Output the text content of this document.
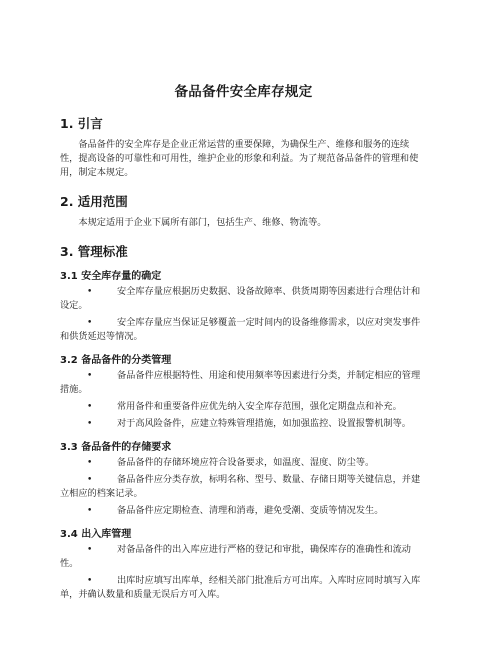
备品备件安全库存规定
1. 引言

备品备件的安全库存是企业正常运营的重要保障，为确保生产、维修和服务的连续性，提高设备的可靠性和可用性，维护企业的形象和利益。为了规范备品备件的管理和使用，制定本规定。

2. 适用范围

本规定适用于企业下属所有部门，包括生产、维修、物流等。

3. 管理标准
3.1 安全库存量的确定
•	安全库存量应根据历史数据、设备故障率、供货周期等因素进行合理估计和设定。
•	安全库存量应当保证足够覆盖一定时间内的设备维修需求，以应对突发事件和供货延迟等情况。
3.2 备品备件的分类管理
•	备品备件应根据特性、用途和使用频率等因素进行分类，并制定相应的管理措施。
•	常用备件和重要备件应优先纳入安全库存范围，强化定期盘点和补充。
•	对于高风险备件，应建立特殊管理措施，如加强监控、设置报警机制等。
3.3 备品备件的存储要求
•	备品备件的存储环境应符合设备要求，如温度、湿度、防尘等。
•	备品备件应分类存放，标明名称、型号、数量、存储日期等关键信息，并建立相应的档案记录。
•	备品备件应定期检查、清理和消毒，避免受潮、变质等情况发生。
3.4 出入库管理
•	对备品备件的出入库应进行严格的登记和审批，确保库存的准确性和流动性。
•	出库时应填写出库单，经相关部门批准后方可出库。入库时应同时填写入库单，并确认数量和质量无误后方可入库。
